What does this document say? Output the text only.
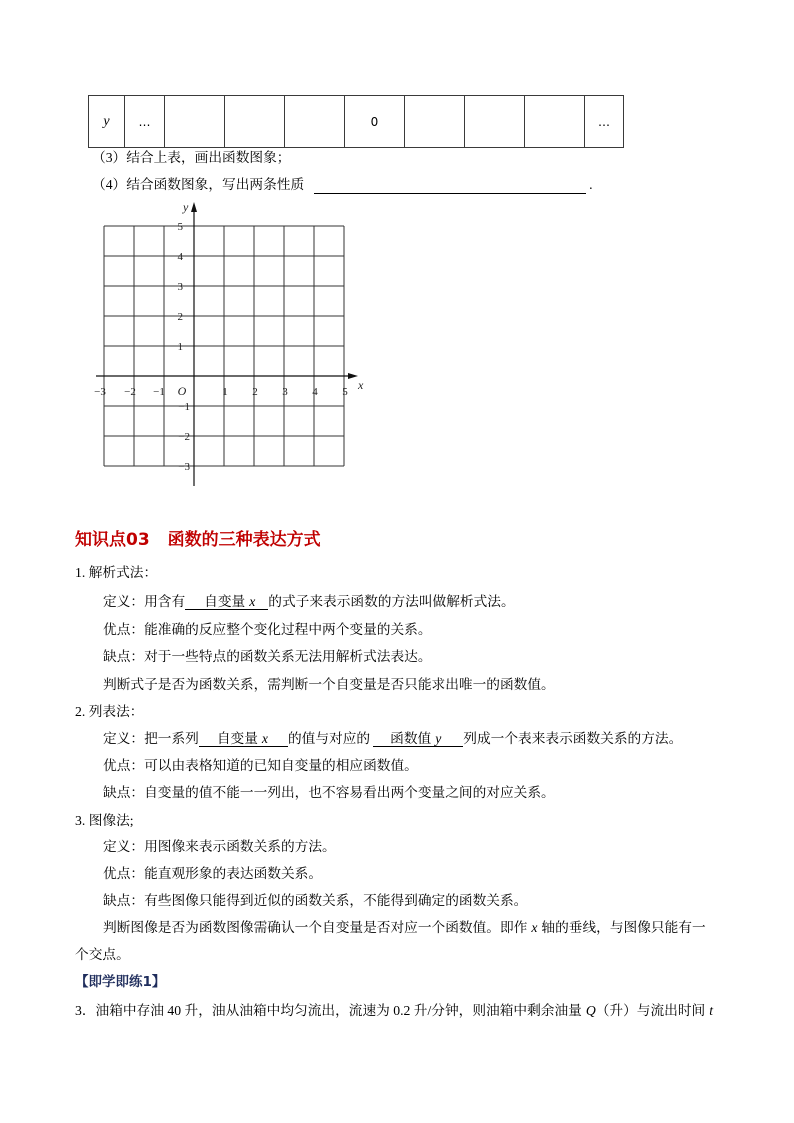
y	…				0				…
（3）结合上表，画出函数图象；
（4）结合函数图象，写出两条性质	.
x
y
O
−3 −2 −1	1 2 3 4 5
5
4
3
2
1
−1
−2
−3
知识点03 函数的三种表达方式
1. 解析式法：
定义：用含有 自变量 x 的式子来表示函数的方法叫做解析式法。
优点：能准确的反应整个变化过程中两个变量的关系。
缺点：对于一些特点的函数关系无法用解析式法表达。
判断式子是否为函数关系，需判断一个自变量是否只能求出唯一的函数值。
2. 列表法：
定义：把一系列 自变量 x 的值与对应的 函数值 y 列成一个表来表示函数关系的方法。
优点：可以由表格知道的已知自变量的相应函数值。
缺点：自变量的值不能一一列出，也不容易看出两个变量之间的对应关系。
3. 图像法;
定义：用图像来表示函数关系的方法。
优点：能直观形象的表达函数关系。
缺点：有些图像只能得到近似的函数关系，不能得到确定的函数关系。
判断图像是否为函数图像需确认一个自变量是否对应一个函数值。即作 x 轴的垂线，与图像只能有一
个交点。
【即学即练1】
3．油箱中存油 40 升，油从油箱中均匀流出，流速为 0.2 升/分钟，则油箱中剩余油量 Q（升）与流出时间 t
